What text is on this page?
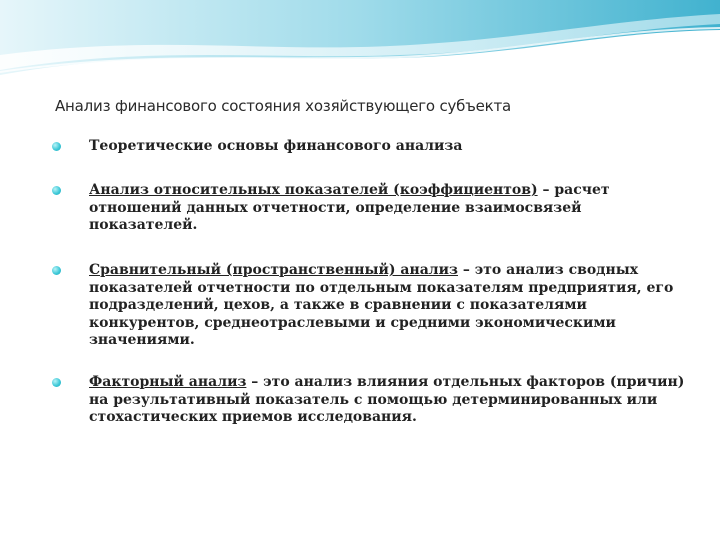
Анализ финансового состояния хозяйствующего субъекта
Теоретические основы финансового анализа
Анализ относительных показателей (коэффициентов) – расчет отношений данных отчетности, определение взаимосвязей показателей.
Сравнительный (пространственный) анализ – это анализ сводных показателей отчетности по отдельным показателям предприятия, его подразделений, цехов, а также в сравнении с показателями конкурентов, среднеотраслевыми и средними экономическими значениями.
Факторный анализ – это анализ влияния отдельных факторов (причин) на результативный показатель с помощью детерминированных или стохастических приемов исследования.
